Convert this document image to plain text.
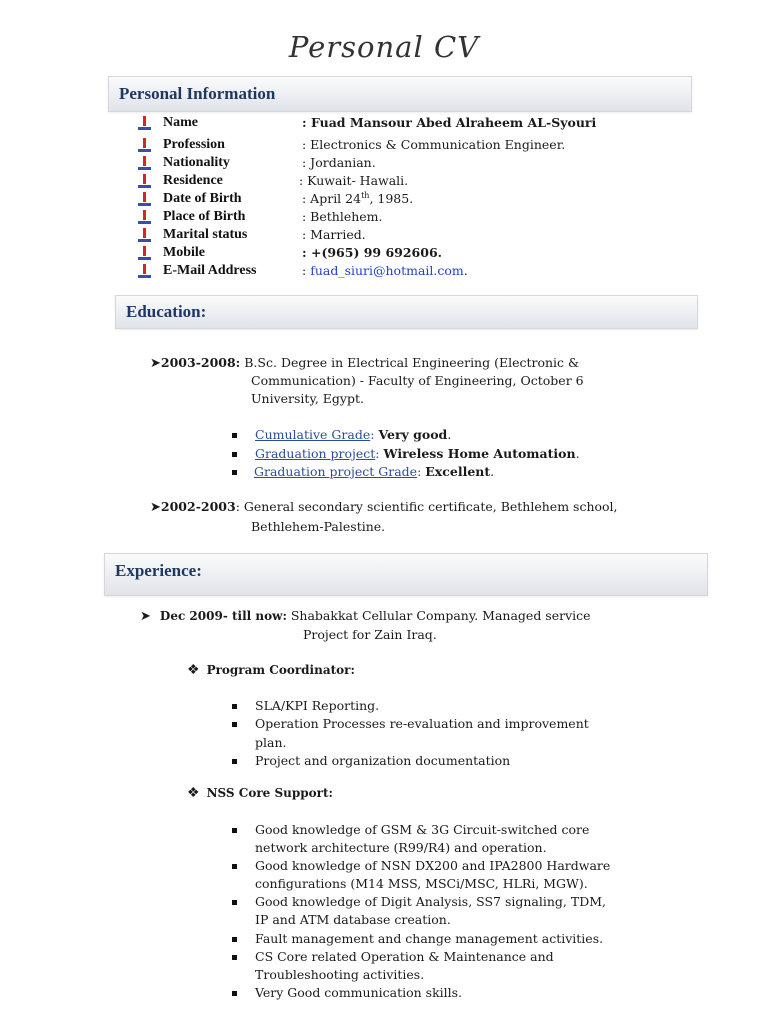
Personal CV
Personal Information
Name	: Fuad Mansour Abed Alraheem AL-Syouri
Profession	: Electronics & Communication Engineer.
Nationality	: Jordanian.
Residence	: Kuwait- Hawali.
Date of Birth	: April 24th, 1985.
Place of Birth	: Bethlehem.
Marital status	: Married.
Mobile	: +(965) 99 692606.
E-Mail Address	: fuad_siuri@hotmail.com.
Education:
➤2003-2008: B.Sc. Degree in Electrical Engineering (Electronic &
Communication) - Faculty of Engineering, October 6
University, Egypt.
Cumulative Grade: Very good.
Graduation project: Wireless Home Automation.
Graduation project Grade: Excellent.
➤2002-2003: General secondary scientific certificate, Bethlehem school,
Bethlehem-Palestine.
Experience:
➤ Dec 2009- till now: Shabakkat Cellular Company. Managed service
Project for Zain Iraq.
❖ Program Coordinator:
SLA/KPI Reporting.
Operation Processes re-evaluation and improvement
plan.
Project and organization documentation
❖ NSS Core Support:
Good knowledge of GSM & 3G Circuit-switched core
network architecture (R99/R4) and operation.
Good knowledge of NSN DX200 and IPA2800 Hardware
configurations (M14 MSS, MSCi/MSC, HLRi, MGW).
Good knowledge of Digit Analysis, SS7 signaling, TDM,
IP and ATM database creation.
Fault management and change management activities.
CS Core related Operation & Maintenance and
Troubleshooting activities.
Very Good communication skills.
